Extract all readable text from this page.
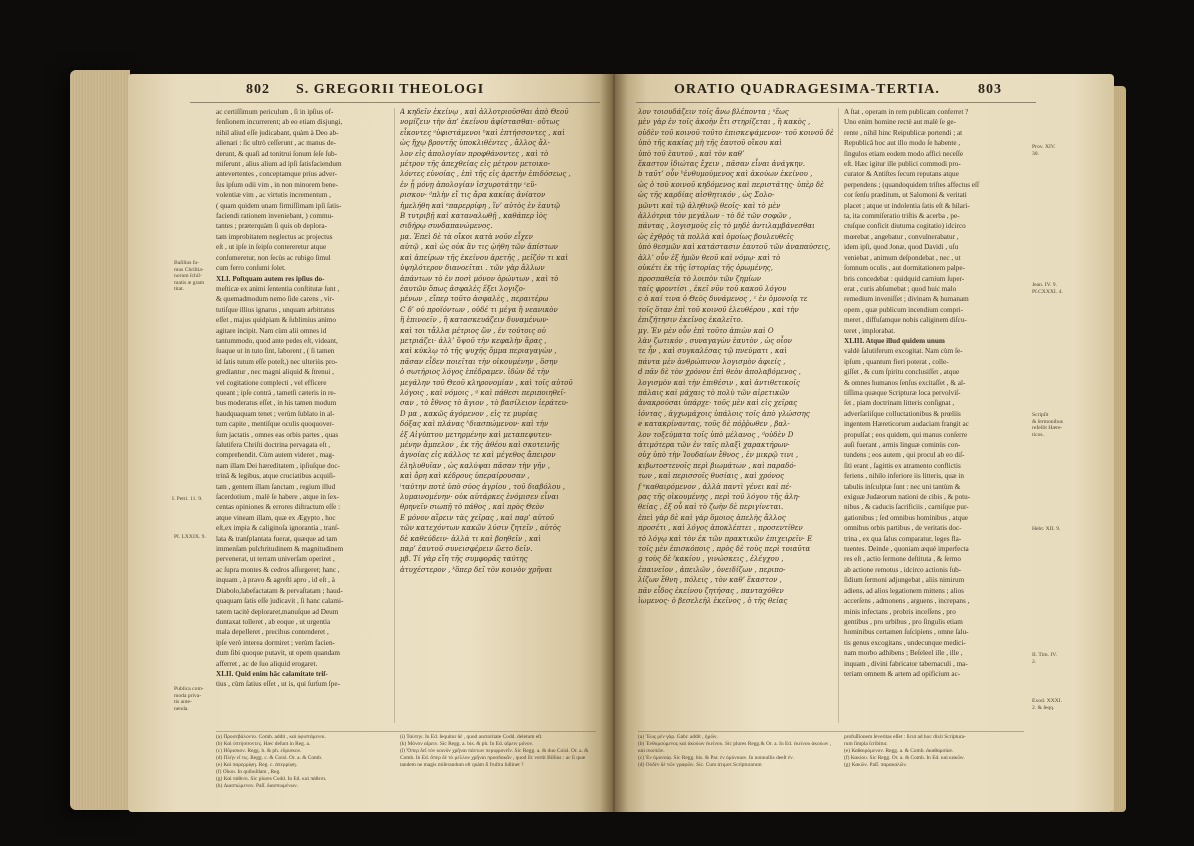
802 S. GREGORII THEOLOGI

ac certiſſimum periculum , ſi in ipſius of-

fenſionem incurrerent; ab eo etiam disjungi,

nihil aliud eſſe judicabant, quàm à Deo ab-

alienari : ſic ultrò ceſſerunt , ac manus de-

derunt, & quaſi ad tonitrui ſonum ſeſe ſub-

miſerunt , alius alium ad ipſi ſatisfaciendum

antevertentes , conceptamque prius adver-

ſus ipſum odii vim , in non minorem bene-

volentiæ vim , ac virtutis incrementum ,

( quam quidem unam firmiſſimam ipſi ſatis-

faciendi rationem inveniebant, ) commu-

tantes ; præterquàm ſi quis ob deplora-

tam improbitatem neglectus ac projectus

eſt , ut ipſe in ſeipſo contereretur atque

conſumeretur, non ſecùs ac rubigo ſimul

cum ferro conſumi ſolet.

XLI. Poſtquam autem res ipſius do-

meſticæ ex animi ſententia conſtitutæ ſunt ,

& quemadmodum nemo ſide carens , vir-

tutiſque illius ignarus , unquam arbitratus

eſſet , majus quidpiam & ſublimius animo

agitare incipit. Nam cùm alii omnes id

tantummodo, quod ante pedes eſt, videant,

ſuaque ut in tuto ſint, laborent , ( ſi tamen

id ſatis tutum eſſe poteſt,) nec ulteriùs pro-

grediantur , nec magni aliquid & ſtrenui ,

vel cogitatione complecti , vel efficere

queant ; ipſe contrà , tametſi cæteris in re-

bus moderatus eſſet , in his tamen modum

haudquaquam tenet ; verùm ſublato in al-

tum capite , mentiſque oculis quoquover-

ſum jactatis , omnes eas orbis partes , quas

ſalutifera Chriſti doctrina pervagata eſt ,

comprehendit. Cùm autem videret , mag-

nam illam Dei hæreditatem , ipſiuſque doc-

trinâ & legibus, atque cruciatibus acquiſi-

tam , gentem illam ſanctam , regium illud

ſacerdotium , malè ſe habere , atque in ſex-

centas opiniones & errores diſtractum eſſe :

atque vineam illam, quæ ex Ægypto , hoc

eſt,ex impia & caliginoſa ignorantia , tranſ-

lata & tranſplantata fuerat, quæque ad tam

immenſam pulchritudinem & magnitudinem

pervenerat, ut terram univerſam operiret ,

ac ſupra montes & cedros aſſurgeret; hanc ,

inquam , à pravo & agreſti apro , id eſt , à

Diabolo,labefactatam & pervaſtatam ; haud-

quaquam ſatis eſſe judicavit , ſi hanc calami-

tatem tacitè deploraret,manuſque ad Deum

duntaxat tolleret , ab eoque , ut urgentia

mala depelleret , precibus contenderet ,

ipſe verò interea dormiret ; verùm facien-

dum ſibi quoque putavit, ut opem quandam

afferret , ac de ſuo aliquid erogaret.

XLII. Quid enim hâc calamitate triſ-

tius , cùm ſatius eſſet , ut is, qui ſurſum ſpe-

A κηδεῖν ἐκείνῳ , καὶ ἀλλοτριοῦσθαι ἀπὸ Θεοῦ

νομίζειν τὴν ἀπ’ ἐκείνου ἀφίστασθαι· οὕτως

εἶκοντες ᵃὑφιστάμενοι ᵇκαὶ ἐπτήσσοντες , καὶ

ὡς ἤχῳ βροντῆς ὑποκλιθέντες , ἄλλος ἄλ-

λον εἰς ἀπολογίαν προφθάνοντες , καὶ τὸ

μέτρον τῆς ἀπεχθείας εἰς μέτρον μετοικο-

λόντες εὐνοίας , ἐπὶ τῆς εἰς ἀρετὴν ἐπιδόσεως ,

ἐν ᾗ μόνῃ ἀπολογίαν ἰσχυροτάτην ᶜεὕ-

ρισκον· ᵈπλὴν εἴ τις ἄρα κακίας ἀνίατον

ἠμελήθη καὶ ᵉπαρερρίφη , ἵν’ αὐτὸς ἐν ἑαυτῷ

B τυτριβῇ καὶ καταναλωθῇ , καθάπερ ἰὸς

σιδήρῳ συνδαπανώμενος.

μα. Ἐπεὶ δὲ τὰ οἴκοι κατὰ νοῦν εἶχεν

αὐτῷ , καὶ ὡς οὐκ ἂν τις ᾠήθη τῶν ἀπίστων

καὶ ἀπείρων τῆς ἐκείνου ἀρετῆς , μεῖζόν τι καὶ

ὑψηλότερον διανοεῖται . τῶν γὰρ ἄλλων

ἁπάντων τὸ ἐν ποσὶ μόνον ὁρώντων , καὶ τὸ

ἑαυτῶν ὅπως ἀσφαλὲς ἕξει λογιζο-

μένων , εἴπερ τοῦτο ἀσφαλὲς , περαιτέρω

C δ’ οὐ προϊόντων , οὐδέ τι μέγα ἢ νεανικὸν

ἢ ἐπινοεῖν , ἢ κατασκευάζειν δυναμένων·

καὶ τοι τἄλλα μέτριος ὤν , ἐν τούτοις οὐ

μετριάζει· ἀλλ’ ὕψοῦ τὴν κεφαλὴν ἄρας ,

καὶ κύκλῳ τὸ τῆς ψυχῆς ὄμμα περιαγαγὼν ,

πᾶσαν εἶδεν ποιεῖται τὴν οἰκουμένην , ὅσην

ὁ σωτήριος λόγος ἐπέδραμεν. ἰδὼν δὲ τὴν

μεγάλην τοῦ Θεοῦ κληρονομίαν , καὶ τοῖς αὐτοῦ

λόγοις , καὶ νόμοις , ᵍ καὶ πάθεσι περιποιηθεῖ-

σαν , τὸ ἔθνος τὸ ἅγιον , τὸ βασίλειον ἱεράτευ-

D μα , κακῶς ἀγόμενον , εἰς τε μυρίας

δόξας καὶ πλάνας ʰδιασπώμενον· καὶ τὴν

ἐξ Αἰγύπτου μετηρμένην καὶ μεταπεφυτευ-

μένην ἄμπελον , ἐκ τῆς ἀθέου καὶ σκοτεινῆς

ἀγνοίας εἰς κάλλος τε καὶ μέγεθος ἄπειρον

ἐληλυθυῖαν , ὡς καλύψαι πᾶσαν τὴν γῆν ,

καὶ ὄρη καὶ κέδρους ὑπεραίρουσαν ,

ⁱταύτην ποτὲ ὑπὸ σύος ἀγρίου , τοῦ διαβόλου ,

λυμαινομένην· οὐκ αὐτάρκες ἐνόμισεν εἶναι

θρηνεῖν σιωπῇ τὸ πάθος , καὶ πρὸς Θεὸν

E μόνον αἴρειν τὰς χεῖρας , καὶ παρ’ αὐτοῦ

τῶν κατεχόντων κακῶν λύσιν ζητεῖν , αὐτὸς

δὲ καθεύδειν· ἀλλὰ τι καὶ βοηθεῖν , καὶ

παρ’ ἑαυτοῦ συνεισφέρειν ὤετο δεῖν.

μβ. Τί γὰρ εἴη τῆς συμφορᾶς ταύτης

ἀτυχέστερον , ᵏὅπερ δεῖ τὸν κοινὸν χρῆναι

Baſilius ſu-
mus Chriſtia-
norum ſchiſ-
matis æ gram
titat.
I. Petri. 11. 9.
Pſ. LXXIX. 9.
Publica com-
moda priva-
tis ante-
nenda.

(a) Προσεβάλοντο. Comb. addit , καὶ ὑφιστάμενοι.

(b) Καὶ ὑπτήσσοντες. Hæc deſunt in Reg. a.

(c) Ηὕρισκον. Regg. b. & ph. εὕρισκον.

(d) Πλὴν εἴ τις. Regg. c. & Coisl. Or. a. & Comb.

(e) Καὶ παρερρίφη. Reg. c. ἀπερρίφη.

(f) Οἴκοι. In quibuſdam , Reg.

(g) Καὶ πάθεσι. Sic plures Codd. In Ed. καὶ πάθεσι.

(h) Διασπώμενον. Paſſ. διασπωμένων.

(i) Ταύτην. In Ed. ſequitur δὲ , quod auctoritate Codd. deletum eſt.

(k) Μόνον αἴρειν. Sic Regg. a. bis. & ph. In Ed. αἴρειν μόνον.

(l) Ὅπερ δεῖ τὸν κοινὸν χρῆναι πάντων περιφρονεῖν. Sic Regg. a. & duo Coisl. Or. a. & Comb. In Ed. ὅπερ δὲ τὸ μέλλον χρῆναι προσδοκᾶν , quod ſic vertit Billius : ac ſi quæ tandem ne magis miſerandum eſt quàm ſi fruſtra ſuſtinet ?

ORATIO QUADRAGESIMA-TERTIA.	803

λον τοιουδάζειν τοῖς ἄνω βλέποντα ; ᵃἕως

μὲν γὰρ ἐν τοῖς ἀκοὴν ἔτι στηρίζεται , ἢ κακὸς ,

οὐδὲν τοῦ κοινοῦ τοῦτο ἐπισκεψάμενον· τοῦ κοινοῦ δὲ

ὑπὸ τῆς κακίας μὴ τῆς ἐαυτοῦ οἴκου καὶ

ὑπὸ τοῦ ἑαυτοῦ , καὶ τὸν καθ’

ἕκαστον ἰδιώτας ἔχειν , πᾶσαν εἶναι ἀνάγκην.

b ταῦτ’ οὖν ᵇἐνθυμούμενος καὶ ἀκούων ἐκείνου ,

ὡς ὁ τοῦ κοινοῦ κηδόμενος καὶ περιστάτης· ὑπὲρ δὲ

ὡς τῆς καρδίας αἰσθητικόν , ὡς Σολο-

μῶντι καὶ τῷ ἀληθινῷ θεοῖς· καὶ τὸ μὲν

ἀλλότρια τὸν μεγάλων · τὸ δὲ τῶν σοφῶν ,

πάντας , λογισμοὺς εἰς τὸ μηδὲ ἀντιλαμβάνεσθαι

ὡς ἐχθρὸς τὰ πολλὰ καὶ ὁμοίως βουλευθεῖς

ὑπὸ θεσμῶν καὶ κατάστασιν ἑαυτοῦ τῶν ἀναπαύσεις,

ἀλλ’ οὖν ἐξ ἡμῶν θεοῦ καὶ νόμῳ· καὶ τὸ

οὐκέτι ἐκ τῆς ἱστορίας τῆς ὁρωμένης,

προσπαθεία τὸ λοιπὸν τῶν ζημίων

ταῖς φροντίσι , ἐκεῖ νῦν τοῦ κακοῦ λόγου

c ὁ καί τινα ὁ Θεὸς δυνάμενος , ᶜ ἐν ὁμονοίᾳ τε

τοῖς ὅταν ἐπὶ τοῦ κοινοῦ ἐλευθέρου , καὶ τὴν

ἐπιζήτησιν ἐκεῖνος ἐκαλεῖτο.

μγ. Ἐν μὲν οὖν ἐπὶ τοῦτο ἀπιὼν καὶ Ο

λὰν ζωτικόν , συναγαγὼν ἑαυτὸν , ὡς οἶον

τε ἦν , καὶ συγκαλέσας τῷ πνεύματι , καὶ

πάντα μὲν ἀνθρώπινον λογισμὸν ἀφιείς ,

d πᾶν δὲ τὸν χρόνον ἐπὶ θεὸν ἀπολαβόμενος ,

λογισμὸν καὶ τὴν ἐπιθέσιν , καὶ ἀντιθετικοῖς

πάλαις καὶ μάχαις τὸ πολὺ τῶν αἱρετικῶν

ἀνακρούσαι ὑπάρχε· τοῦς μὲν καὶ εἰς χεῖρας

ἰόντας , ἀγχωμάχοις ὑπάλοις τοῖς ἀπὸ γλώσσης

e κατακρίναντας, τοῦς δὲ πόῤῥωθεν , βαλ-

λον τοξεύματα τοῖς ὑπὸ μέλανος , ᵈοὐδὲν D

ἀτιμότερα τῶν ἐν ταῖς πλαξὶ χαρακτήρων·

οὐχ ὑπὸ τὴν Ἰουδαίων ἔθνος , ἐν μικρῷ τινι ,

κιβωτοστενοῖς περὶ βιωμάτων , καὶ παραδό-

των , καὶ περισσοῖς θυσίαις , καὶ χρόνος

f ᵉκαθαιρόμενον , ἀλλὰ παντὶ γένει καὶ πέ-

ρας τῆς οἰκουμένης , περὶ τοῦ λόγου τῆς ἀλη-

θείας , ἐξ οὗ καὶ τὸ ζωὴν δὲ περιγίνεται.

ἐπεὶ γὰρ δὲ καὶ γὰρ ὅμοιος ἀπελὴς ἄλλος

προσέτι , καὶ λόγος ἀποκλέπτει , προσεντίθεν

τὸ λόγῳ καὶ τὸν ἐκ τῶν πρακτικῶν ἐπιχειρεῖν· E

τοῖς μὲν ἐπισκόποις , πρὸς δὲ τοὺς περὶ τοιαῦτα

g τοὺς δὲ ᶠκακίου , γινώσκεις , ἐλέγχου ,

ἐπαινεῖον , ἀπειλῶν , ὀνειδίζων , περιπο-

λίζων ἔθνη , πόλεις , τὸν καθ’ ἕκαστον ,

πᾶν εἶδος ἐκείνου ζητήσας , πανταχόθεν

ἰωμενος· ὁ βεσελεὴλ ἐκεῖνος , ὁ τῆς θείας

A ſtat , operam in rem publicam conferret ?

Uno enim homine rectè aut malè ſe ge-

rente , nihil hinc Reipublicæ portendi ; at

Republicâ hoc aut illo modo ſe habente ,

ſingulos etiam eodem modo affici neceſſe

eſt. Hæc igitur ille publici commodi pro-

curator & Antiſtes ſecum reputans atque

perpendens ; (quandoquidem triſtes affectus eſſ

cor ſenſu præditum, ut Salomoni & veritati

placet ; atque ut indolentia ſatis eſt & hilari-

ta, ita commiſeratio triſtis & acerba , pe-

ctuſque conficit diuturna cogitatio) idcirco

mœrebat , angebatur , convulnerabatur ,

idem ipſi, quod Jonæ, quod Davidi , uſu

veniebat , animum deſpondebat , nec , ut

ſomnum oculis , aut dormitationem palpe-

bris concedebat : quidquid carnium ſuper-

erat , curis abſumebat ; quod huic malo

remedium inveniſſet ; divinam & humanam

opem , quæ publicum incendium compri-

meret , diffuſamque nobis caliginem diſcu-

teret , implorabat.

XLIII. Atque illud quidem unum

valdè ſalutiferum excogitat. Nam cùm ſe-

ipſum , quantum fieri poterat , colle-

giſſet , & cum ſpiritu conclusiſſet , atque

& omnes humanos ſenſus excitaſſet , & al-

tiſſima quæque Scripturæ loca pervolviſ-

ſet , piam doctrinam litteris conſignat ,

adverſariiſque colluctationibus & prœliis

ingentem Hæreticorum audaciam frangit ac

propulſat ; eos quidem, qui manus conſerre

auſi fuerant , armis linguæ cominùs con-

tundens ; eos autem , qui procul ab eo diſ-

ſiti erant , ſagittis ex atramento conflictis

feriens , nihilo inferiore iis litteris, quæ in

tabulis inſculptæ ſunt : nec uni tantùm &

exiguæ Judæorum nationi de cibis , & potu-

nibus , & caducis ſacrificiis , carniſque pur-

gationibus ; ſed omnibus hominibus , atque

omnibus orbis partibus , de veritatis doc-

trina , ex qua ſalus comparatur, leges fla-

tuentes. Deinde , quoniam æquè imperfecta

res eſt , actio ſermone deſtituta , & ſermo

ab actione remotus , idcirco actionis ſub-

ſidium ſermoni adjungebat , aliis nimirum

adiens, ad alios legationem mittens ; alios

accerſens , admonens , arguens , increpans ,

minis infectans , probris inceſſens , pro

gentibus , pro urbibus , pro ſingulis etiam

hominibus certamen ſuſcipiens , omne ſalu-

tis genus excogitans , undecunque medici-

nam morbo adhibens ; Beſeleel ille , ille ,

inquam , divini fabricator tabernaculi , ma-

teriam omnem & artem ad opificium ac-

Prov. XIV.
30.
Jean. IV. 9.
Pſ.CXXXI. 4.
Scripſit
& ſermonibus
refellit Hære-
ticos.
Hebr. XII. 9.
II. Tim. IV.
2.
Exod. XXXI.
2. & ſeqq.

(a) Ἕως μὲν γὰρ. Gabr. addit , ἡμῶν.

(b) Ἐνθυμούμενος καὶ ἀκούων ἐκείνου. Sic plures Regg.& Or. a. In Ed. ἐκείνου ἀκούων , καὶ σκοπῶν.

(c) Ἐν ὁμονοίᾳ. Sic Regg. bis. & Par. ἐν ὁμόνοιαν. In nonnullis deeſt ἐν.

(d) Οὐδὲν δὲ τῶν γραφῶν. Sic. Cum ἀτιμοτ.Scripturarum

profuſſionem ſeveritas eſſet : ſicut ad hoc dixit Scriptura-

rum ſimpla ſcribitur.

(e) Καθαιρόμενον. Regg. a. & Comb. ἀκαθαρσίαν.

(f) Κακίου. Sic Regg. Or. a. & Comb. In Ed. καὶ κακῶν.

(g) Κακῶν. Paſſ. παρακαλῶν.
